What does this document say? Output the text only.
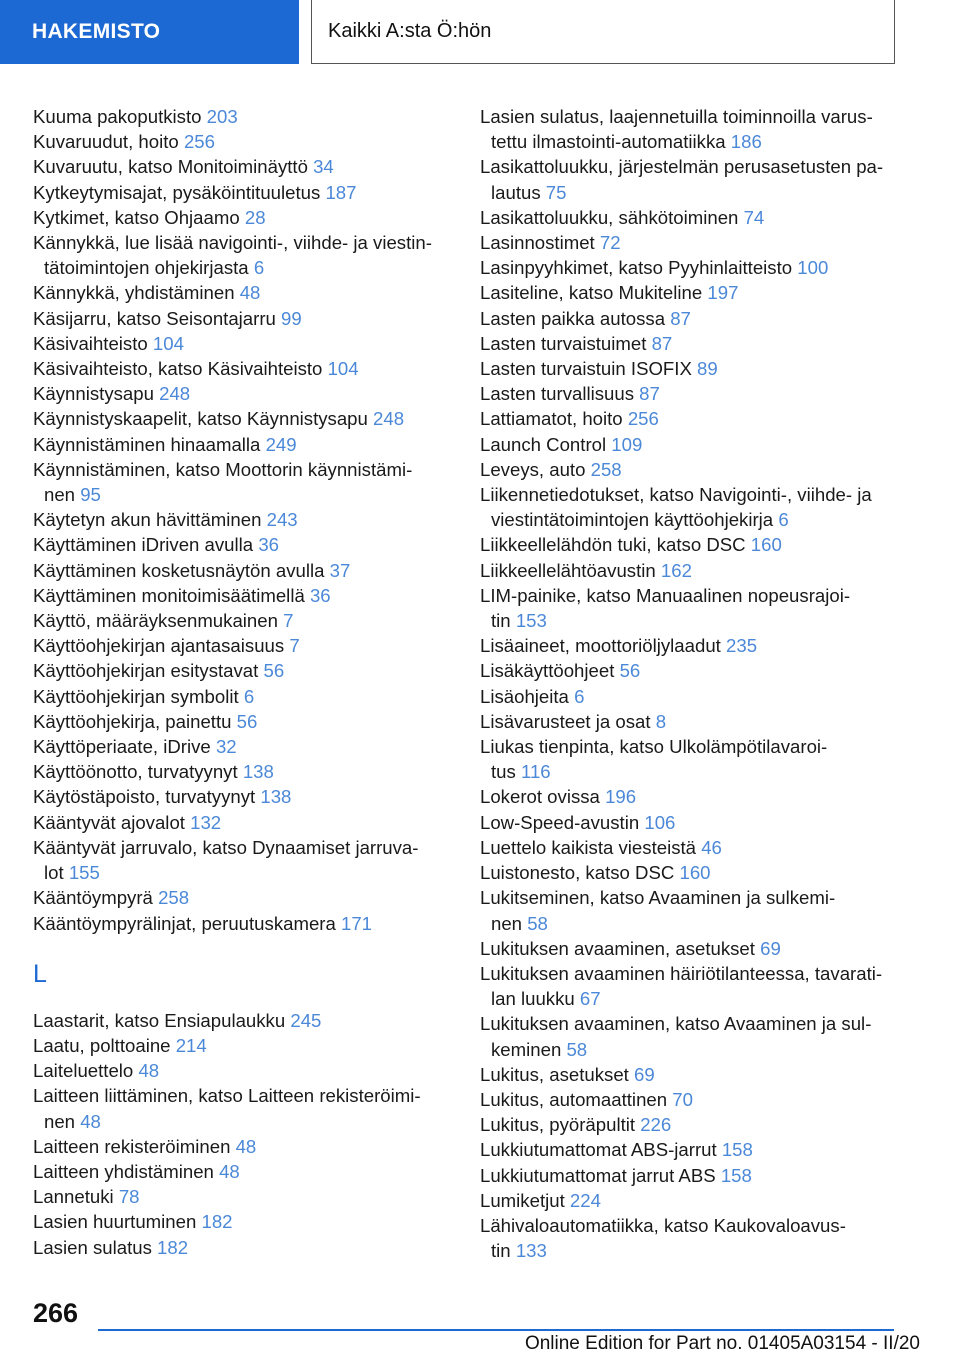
HAKEMISTO	Kaikki A:sta Ö:hön
Kuuma pakoputkisto 203
Kuvaruudut, hoito 256
Kuvaruutu, katso Monitoiminäyttö 34
Kytkeytymisajat, pysäköintituuletus 187
Kytkimet, katso Ohjaamo 28
Kännykkä, lue lisää navigointi-, viihde- ja viestin-
tätoimintojen ohjekirjasta 6
Kännykkä, yhdistäminen 48
Käsijarru, katso Seisontajarru 99
Käsivaihteisto 104
Käsivaihteisto, katso Käsivaihteisto 104
Käynnistysapu 248
Käynnistyskaapelit, katso Käynnistysapu 248
Käynnistäminen hinaamalla 249
Käynnistäminen, katso Moottorin käynnistämi-
nen 95
Käytetyn akun hävittäminen 243
Käyttäminen iDriven avulla 36
Käyttäminen kosketusnäytön avulla 37
Käyttäminen monitoimisäätimellä 36
Käyttö, määräyksenmukainen 7
Käyttöohjekirjan ajantasaisuus 7
Käyttöohjekirjan esitystavat 56
Käyttöohjekirjan symbolit 6
Käyttöohjekirja, painettu 56
Käyttöperiaate, iDrive 32
Käyttöönotto, turvatyynyt 138
Käytöstäpoisto, turvatyynyt 138
Kääntyvät ajovalot 132
Kääntyvät jarruvalo, katso Dynaamiset jarruva-
lot 155
Kääntöympyrä 258
Kääntöympyrälinjat, peruutuskamera 171
L
Laastarit, katso Ensiapulaukku 245
Laatu, polttoaine 214
Laiteluettelo 48
Laitteen liittäminen, katso Laitteen rekisteröimi-
nen 48
Laitteen rekisteröiminen 48
Laitteen yhdistäminen 48
Lannetuki 78
Lasien huurtuminen 182
Lasien sulatus 182
Lasien sulatus, laajennetuilla toiminnoilla varus-
tettu ilmastointi-automatiikka 186
Lasikattoluukku, järjestelmän perusasetusten pa-
lautus 75
Lasikattoluukku, sähkötoiminen 74
Lasinnostimet 72
Lasinpyyhkimet, katso Pyyhinlaitteisto 100
Lasiteline, katso Mukiteline 197
Lasten paikka autossa 87
Lasten turvaistuimet 87
Lasten turvaistuin ISOFIX 89
Lasten turvallisuus 87
Lattiamatot, hoito 256
Launch Control 109
Leveys, auto 258
Liikennetiedotukset, katso Navigointi-, viihde- ja
viestintätoimintojen käyttöohjekirja 6
Liikkeellelähdön tuki, katso DSC 160
Liikkeellelähtöavustin 162
LIM-painike, katso Manuaalinen nopeusrajoi-
tin 153
Lisäaineet, moottoriöljylaadut 235
Lisäkäyttöohjeet 56
Lisäohjeita 6
Lisävarusteet ja osat 8
Liukas tienpinta, katso Ulkolämpötilavaroi-
tus 116
Lokerot ovissa 196
Low-Speed-avustin 106
Luettelo kaikista viesteistä 46
Luistonesto, katso DSC 160
Lukitseminen, katso Avaaminen ja sulkemi-
nen 58
Lukituksen avaaminen, asetukset 69
Lukituksen avaaminen häiriötilanteessa, tavarati-
lan luukku 67
Lukituksen avaaminen, katso Avaaminen ja sul-
keminen 58
Lukitus, asetukset 69
Lukitus, automaattinen 70
Lukitus, pyöräpultit 226
Lukkiutumattomat ABS-jarrut 158
Lukkiutumattomat jarrut ABS 158
Lumiketjut 224
Lähivaloautomatiikka, katso Kaukovaloavus-
tin 133
266
Online Edition for Part no. 01405A03154 - II/20
